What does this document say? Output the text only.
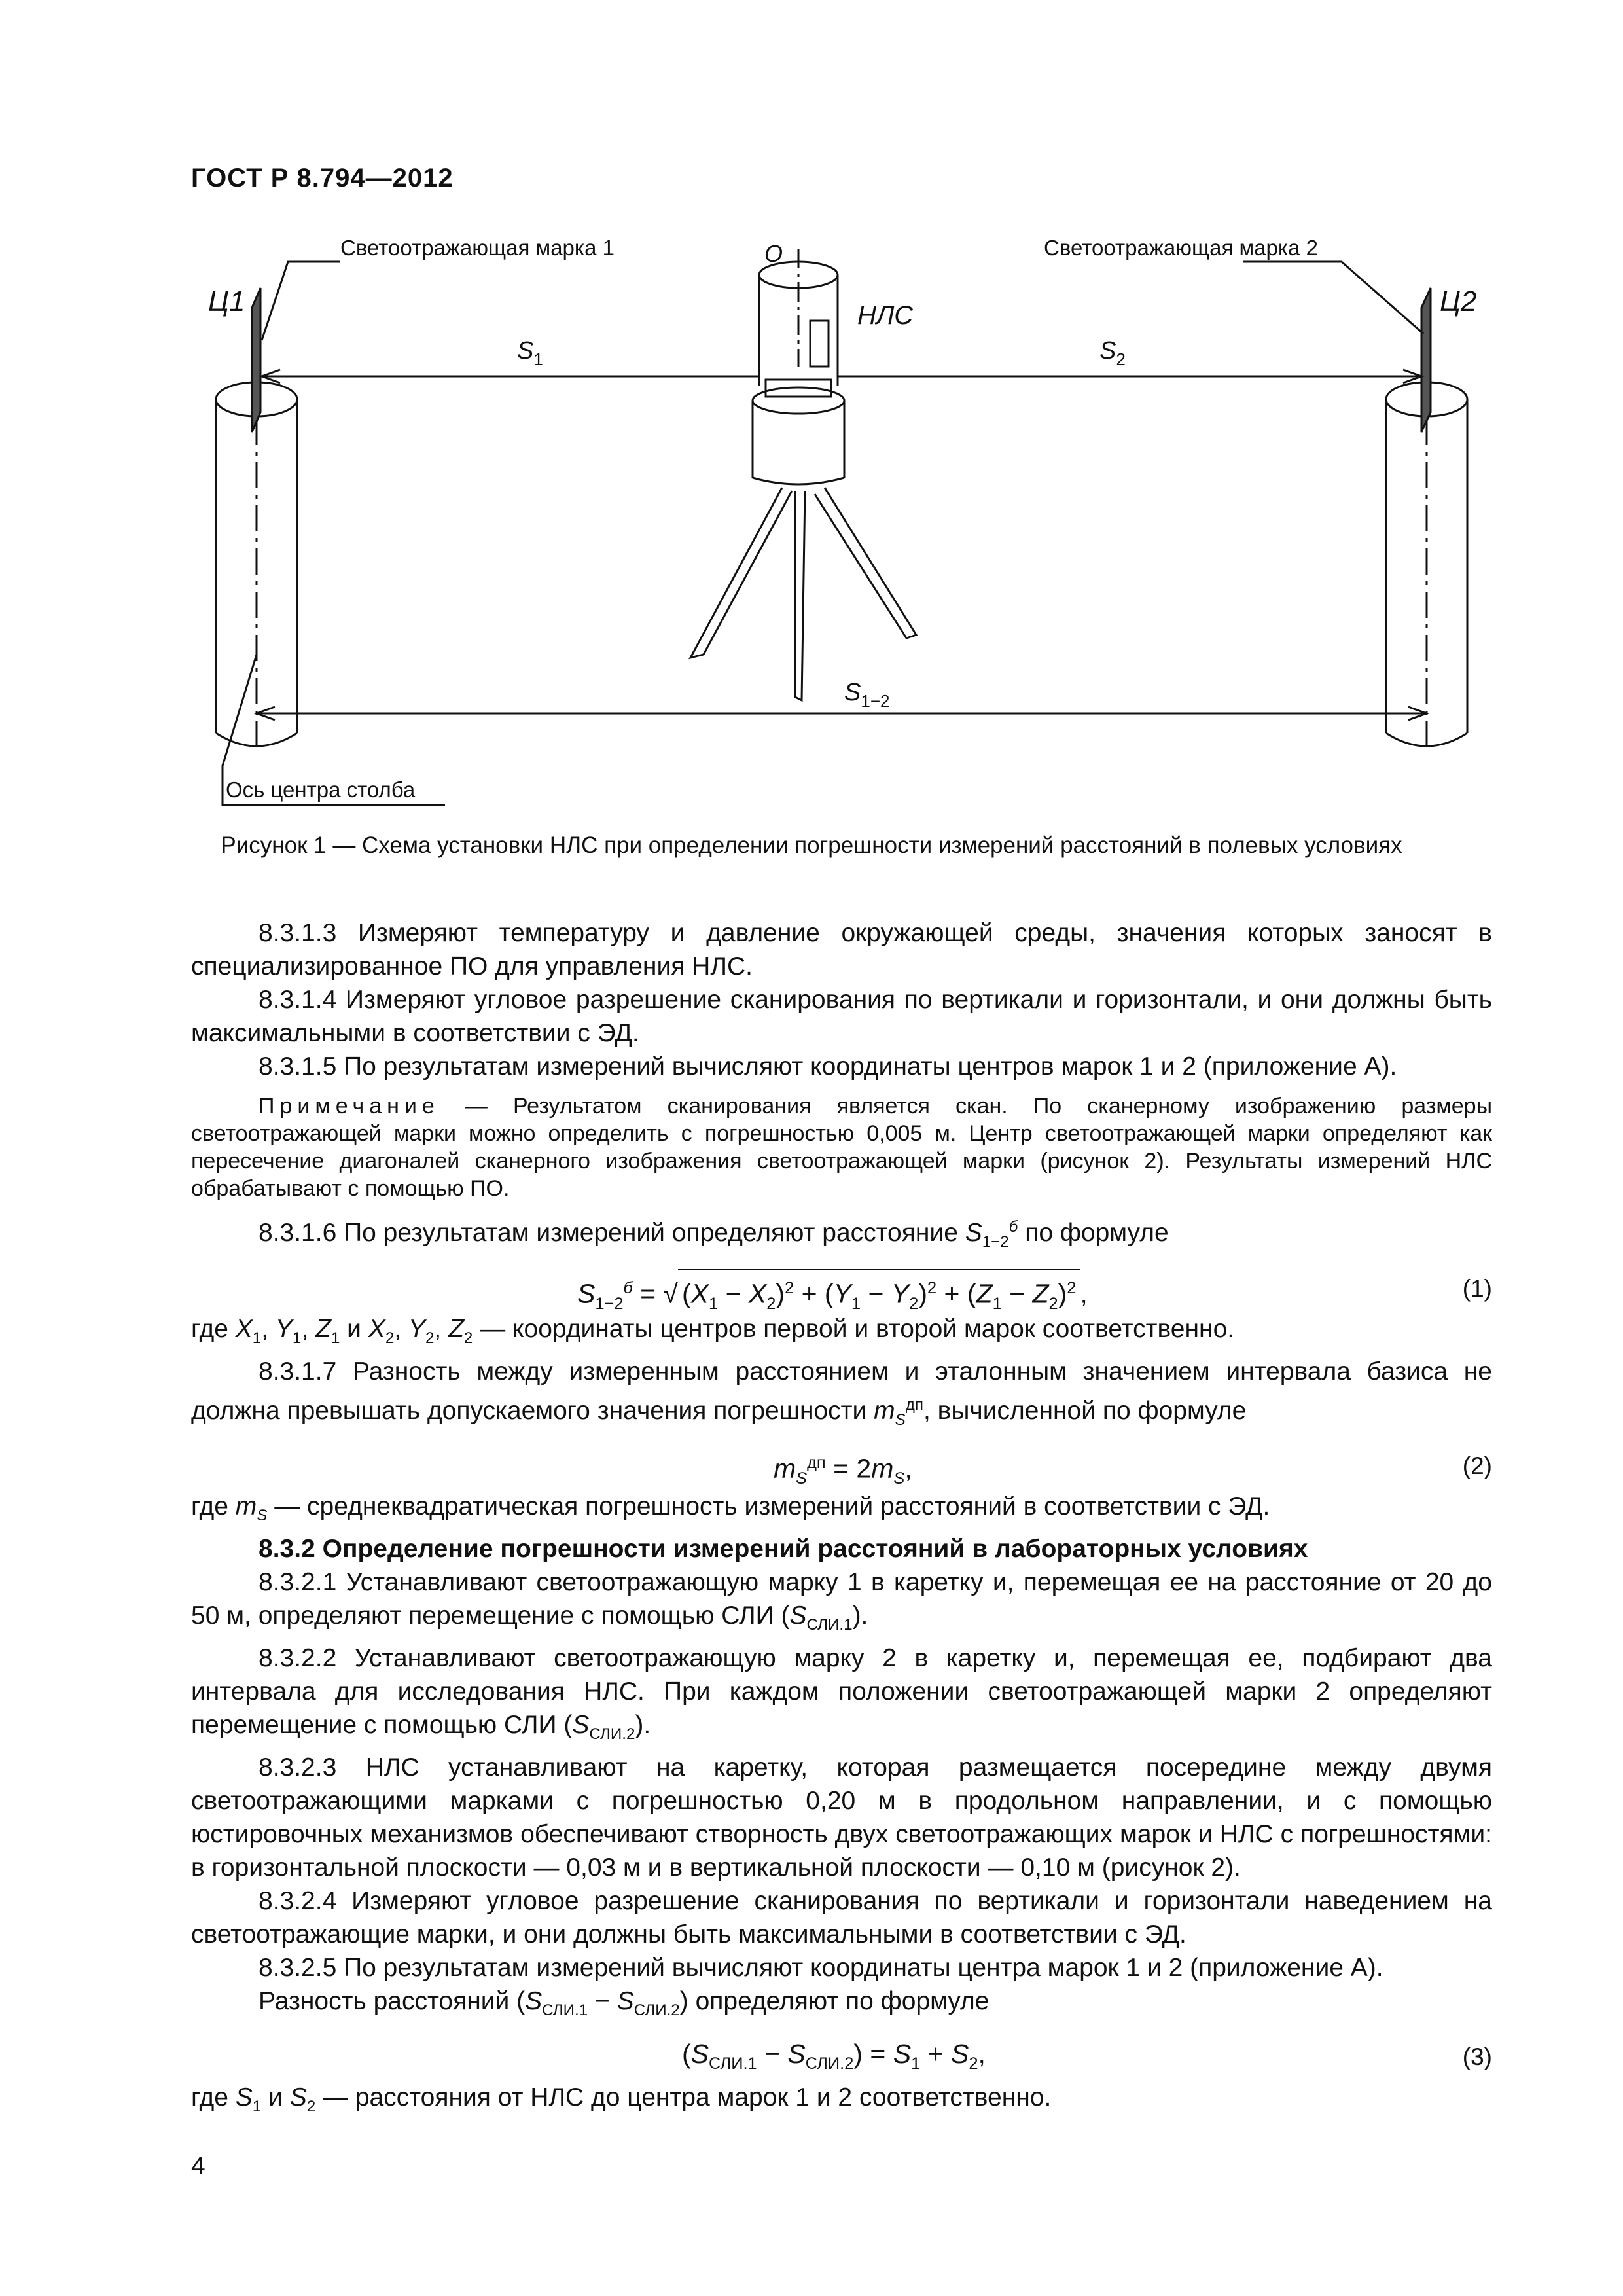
ГОСТ Р 8.794—2012
Светоотражающая марка 1	Светоотражающая марка 2
Ц1	Ц2
O
НЛС
$S_1$	$S_2$
$S_{1-2}$
Ось центра столба
Рисунок 1 — Схема установки НЛС при определении погрешности измерений расстояний в полевых условиях

8.3.1.3 Измеряют температуру и давление окружающей среды, значения которых заносят в специализированное ПО для управления НЛС.

8.3.1.4 Измеряют угловое разрешение сканирования по вертикали и горизонтали, и они должны быть максимальными в соответствии с ЭД.

8.3.1.5 По результатам измерений вычисляют координаты центров марок 1 и 2 (приложение А).

Примечание — Результатом сканирования является скан. По сканерному изображению размеры светоотражающей марки можно определить с погрешностью 0,005 м. Центр светоотражающей марки определяют как пересечение диагоналей сканерного изображения светоотражающей марки (рисунок 2). Результаты измерений НЛС обрабатывают с помощью ПО.

8.3.1.6 По результатам измерений определяют расстояние $S_{1-2}^б$ по формуле

$S_{1-2}^б$ = √ $(X_1 - X_2)^2 + (Y_1 - Y_2)^2 + (Z_1 - Z_2)^2$ ,	(1)

где $X_1$, $Y_1$, $Z_1$ и $X_2$, $Y_2$, $Z_2$ — координаты центров первой и второй марок соответственно.

8.3.1.7 Разность между измеренным расстоянием и эталонным значением интервала базиса не должна превышать допускаемого значения погрешности $m_S^{дп}$, вычисленной по формуле

$m_S^{дп} = 2m_S$,	(2)

где $m_S$ — среднеквадратическая погрешность измерений расстояний в соответствии с ЭД.

8.3.2 Определение погрешности измерений расстояний в лабораторных условиях

8.3.2.1 Устанавливают светоотражающую марку 1 в каретку и, перемещая ее на расстояние от 20 до 50 м, определяют перемещение с помощью СЛИ $(S_{СЛИ.1})$.

8.3.2.2 Устанавливают светоотражающую марку 2 в каретку и, перемещая ее, подбирают два интервала для исследования НЛС. При каждом положении светоотражающей марки 2 определяют перемещение с помощью СЛИ $(S_{СЛИ.2})$.

8.3.2.3 НЛС устанавливают на каретку, которая размещается посередине между двумя светоотражающими марками с погрешностью 0,20 м в продольном направлении, и с помощью юстировочных механизмов обеспечивают створность двух светоотражающих марок и НЛС с погрешностями: в горизонтальной плоскости — 0,03 м и в вертикальной плоскости — 0,10 м (рисунок 2).

8.3.2.4 Измеряют угловое разрешение сканирования по вертикали и горизонтали наведением на светоотражающие марки, и они должны быть максимальными в соответствии с ЭД.

8.3.2.5 По результатам измерений вычисляют координаты центра марок 1 и 2 (приложение А).

Разность расстояний $(S_{СЛИ.1} - S_{СЛИ.2})$ определяют по формуле

$(S_{СЛИ.1} - S_{СЛИ.2}) = S_1 + S_2$,	(3)

где $S_1$ и $S_2$ — расстояния от НЛС до центра марок 1 и 2 соответственно.

4
